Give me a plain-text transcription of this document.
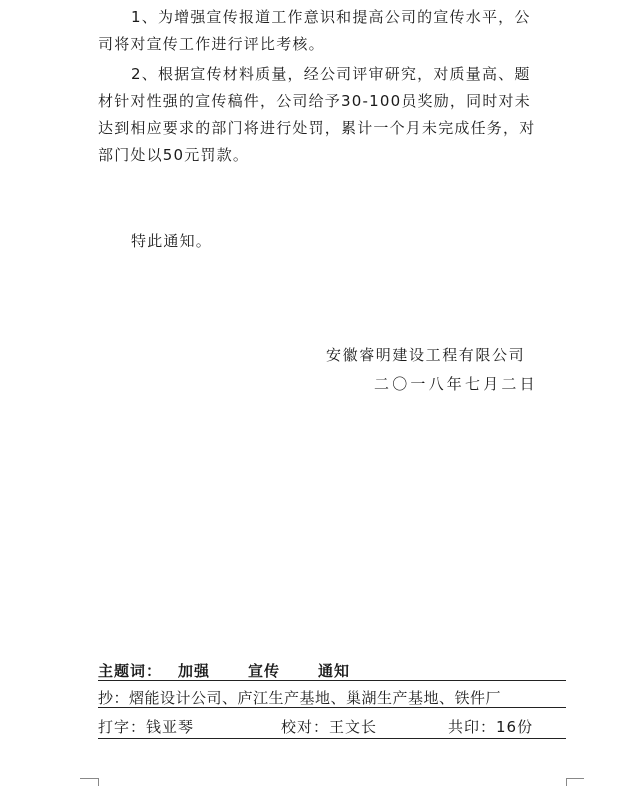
1、为增强宣传报道工作意识和提高公司的宣传水平，公
司将对宣传工作进行评比考核。
2、根据宣传材料质量，经公司评审研究，对质量高、题
材针对性强的宣传稿件，公司给予30-100员奖励，同时对未
达到相应要求的部门将进行处罚，累计一个月未完成任务，对
部门处以50元罚款。
特此通知。
安徽睿明建设工程有限公司
二〇一八年七月二日
主题词： 加强	宣传	通知
抄：熠能设计公司、庐江生产基地、巢湖生产基地、铁件厂
打字：钱亚琴	校对：王文长	共印：16份
